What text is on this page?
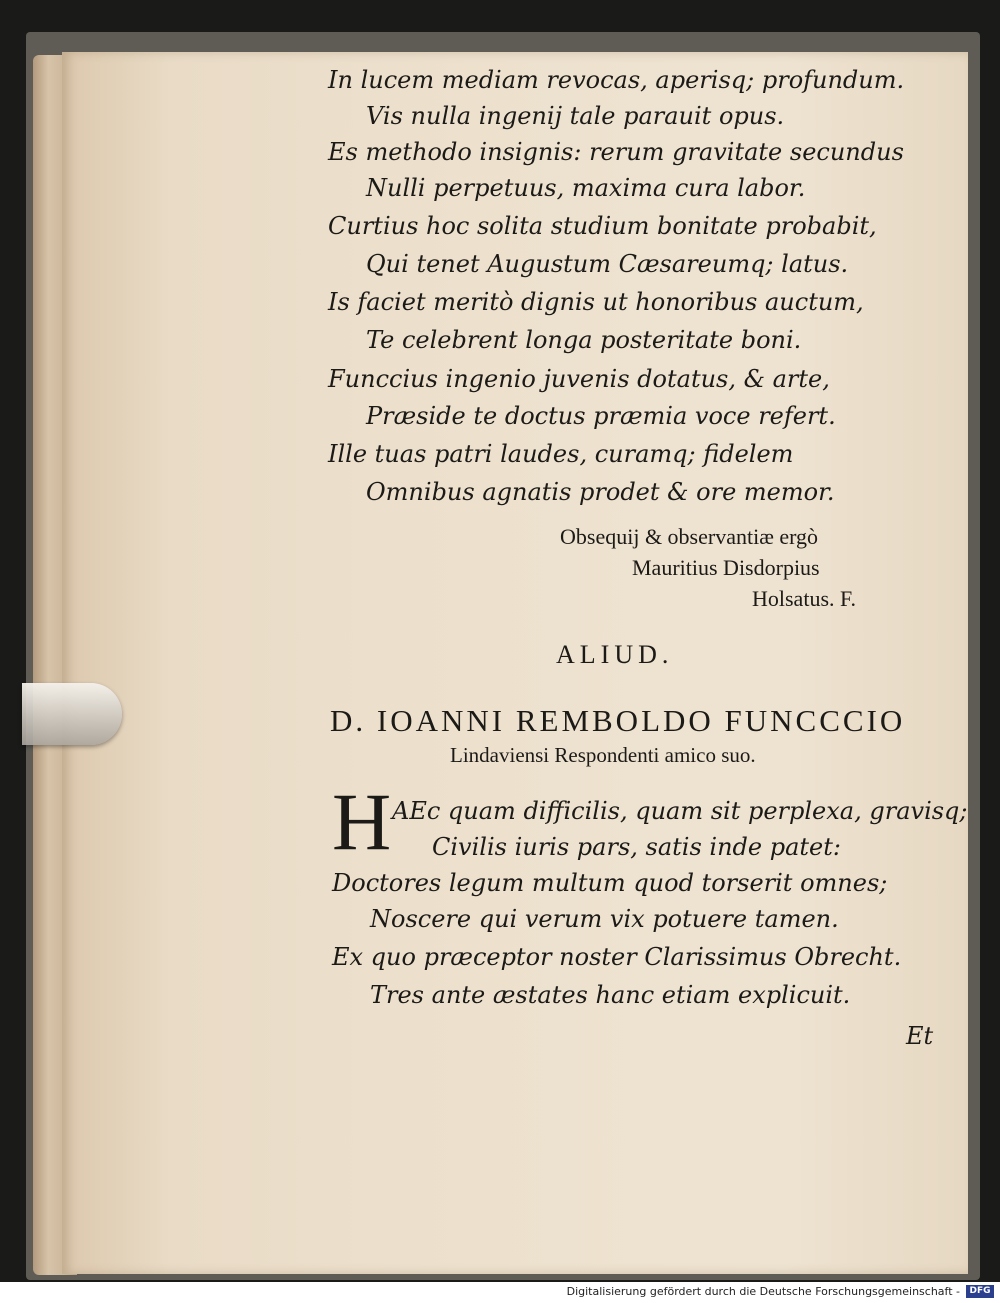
In lucem mediam revocas, aperisq; profundum.
Vis nulla ingenij tale parauit opus.
Es methodo insignis: rerum gravitate secundus
Nulli perpetuus, maxima cura labor.
Curtius hoc solita studium bonitate probabit,
Qui tenet Augustum Cæsareumq; latus.
Is faciet meritò dignis ut honoribus auctum,
Te celebrent longa posteritate boni.
Funccius ingenio juvenis dotatus, & arte,
Præside te doctus præmia voce refert.
Ille tuas patri laudes, curamq; fidelem
Omnibus agnatis prodet & ore memor.
Obsequij & observantiæ ergò
Mauritius Disdorpius
Holsatus. F.
ALIUD.
D. IOANNI REMBOLDO FUNCCCIO
Lindaviensi Respondenti amico suo.
H AEc quam difficilis, quam sit perplexa, gravisq;
Civilis iuris pars, satis inde patet:
Doctores legum multum quod torserit omnes;
Noscere qui verum vix potuere tamen.
Ex quo præceptor noster Clarissimus Obrecht.
Tres ante æstates hanc etiam explicuit.
Et
Digitalisierung gefördert durch die Deutsche Forschungsgemeinschaft -	DFG
